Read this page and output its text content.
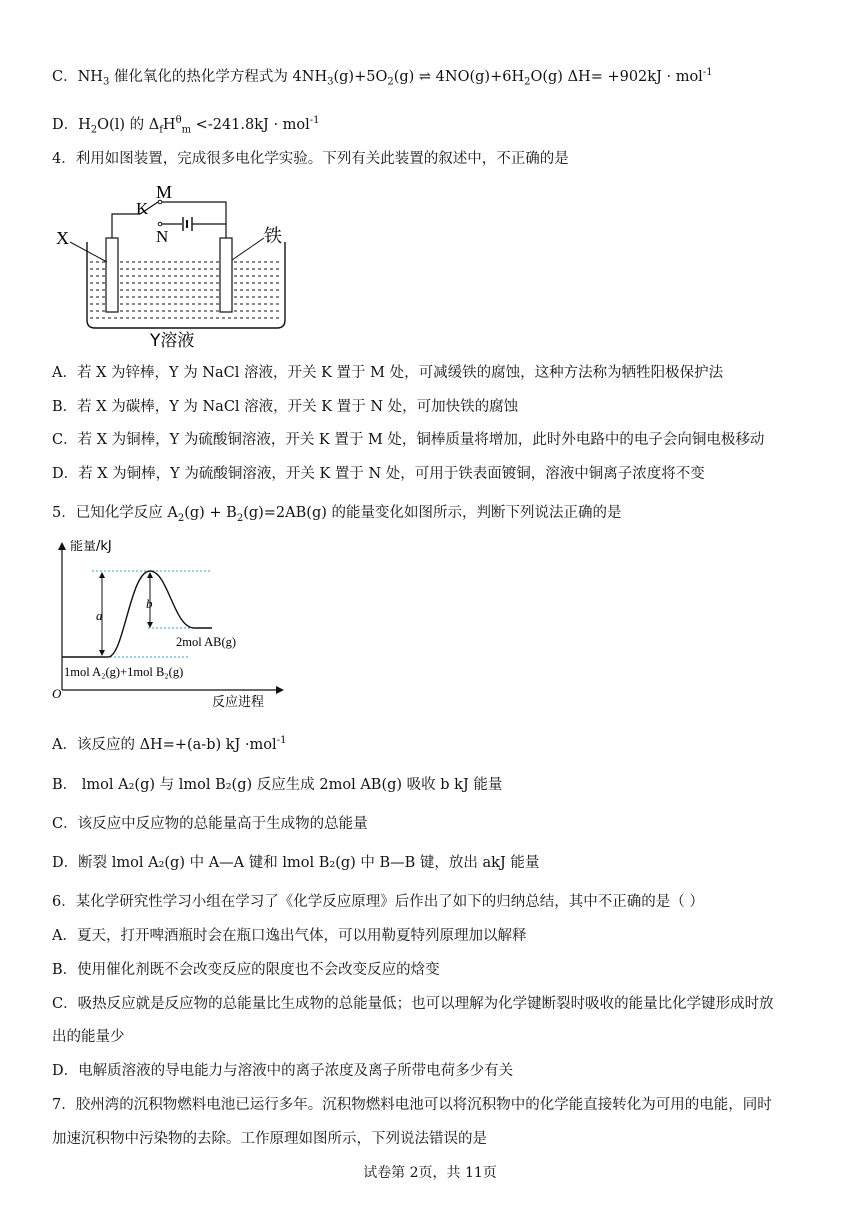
C．$NH_3$ 催化氧化的热化学方程式为 $4NH_3(g)+5O_2(g)$ ⇌ $4NO(g)+6H_2O(g)$ ΔH= +902kJ · mol$^{-1}$
D．$H_2O(l)$ 的 $\Delta_fH^\theta_m <-241.8kJ \cdot mol^{-1}$
4．利用如图装置，完成很多电化学实验。下列有关此装置的叙述中，不正确的是
M
K
N
X	铁
Y溶液
A．若 X 为锌棒，Y 为 NaCl 溶液，开关 K 置于 M 处，可减缓铁的腐蚀，这种方法称为牺牲阳极保护法
B．若 X 为碳棒，Y 为 NaCl 溶液，开关 K 置于 N 处，可加快铁的腐蚀
C．若 X 为铜棒，Y 为硫酸铜溶液，开关 K 置于 M 处，铜棒质量将增加，此时外电路中的电子会向铜电极移动
D．若 X 为铜棒，Y 为硫酸铜溶液，开关 K 置于 N 处，可用于铁表面镀铜，溶液中铜离子浓度将不变
5．已知化学反应 $A_2(g) + B_2(g)=2AB(g)$ 的能量变化如图所示，判断下列说法正确的是
能量/kJ
反应进程
O
a
b
2mol AB(g)
1mol A₂(g)+1mol B₂(g)
A．该反应的 ΔH=+(a-b) kJ ·mol$^{-1}$
B． lmol A₂(g) 与 lmol B₂(g) 反应生成 2mol AB(g) 吸收 b kJ 能量
C．该反应中反应物的总能量高于生成物的总能量
D．断裂 lmol A₂(g) 中 A—A 键和 lmol B₂(g) 中 B—B 键，放出 akJ 能量
6．某化学研究性学习小组在学习了《化学反应原理》后作出了如下的归纳总结，其中不正确的是（ ）
A．夏天，打开啤酒瓶时会在瓶口逸出气体，可以用勒夏特列原理加以解释
B．使用催化剂既不会改变反应的限度也不会改变反应的焓变
C．吸热反应就是反应物的总能量比生成物的总能量低；也可以理解为化学键断裂时吸收的能量比化学键形成时放
出的能量少
D．电解质溶液的导电能力与溶液中的离子浓度及离子所带电荷多少有关
7．胶州湾的沉积物燃料电池已运行多年。沉积物燃料电池可以将沉积物中的化学能直接转化为可用的电能，同时
加速沉积物中污染物的去除。工作原理如图所示，下列说法错误的是
试卷第 2页，共 11页
